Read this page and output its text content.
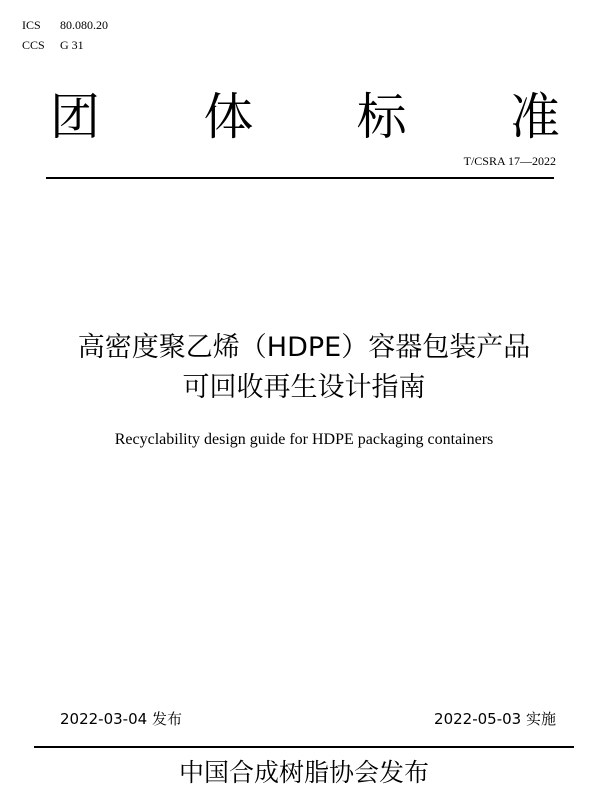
ICS 80.080.20
CCS G 31
团 体 标 准
T/CSRA 17—2022
高密度聚乙烯（HDPE）容器包装产品
可回收再生设计指南
Recyclability design guide for HDPE packaging containers
2022-03-04 发布	2022-05-03 实施
中国合成树脂协会发布
